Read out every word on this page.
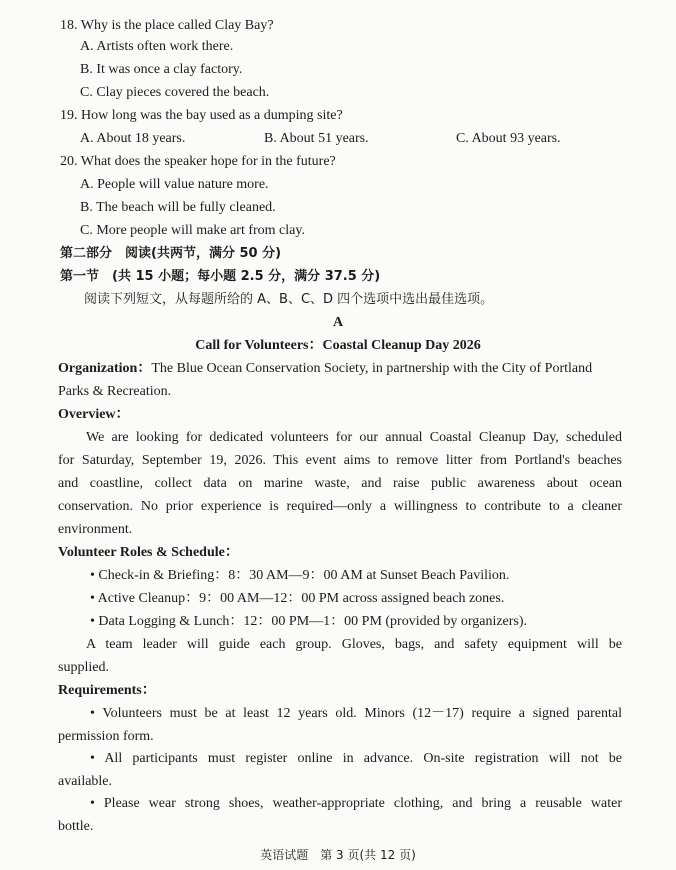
18. Why is the place called Clay Bay?
A. Artists often work there.
B. It was once a clay factory.
C. Clay pieces covered the beach.
19. How long was the bay used as a dumping site?
A. About 18 years.	B. About 51 years.	C. About 93 years.
20. What does the speaker hope for in the future?
A. People will value nature more.
B. The beach will be fully cleaned.
C. More people will make art from clay.
第二部分　阅读(共两节，满分 50 分)
第一节　(共 15 小题；每小题 2.5 分，满分 37.5 分)
阅读下列短文，从每题所给的 A、B、C、D 四个选项中选出最佳选项。
A
Call for Volunteers：Coastal Cleanup Day 2026
Organization：The Blue Ocean Conservation Society, in partnership with the City of Portland
Parks & Recreation.
Overview：
We are looking for dedicated volunteers for our annual Coastal Cleanup Day, scheduled
for Saturday, September 19, 2026. This event aims to remove litter from Portland's beaches
and coastline, collect data on marine waste, and raise public awareness about ocean
conservation. No prior experience is required—only a willingness to contribute to a cleaner
environment.
Volunteer Roles & Schedule：
• Check-in & Briefing：8：30 AM—9：00 AM at Sunset Beach Pavilion.
• Active Cleanup：9：00 AM—12：00 PM across assigned beach zones.
• Data Logging & Lunch：12：00 PM—1：00 PM (provided by organizers).
A team leader will guide each group. Gloves, bags, and safety equipment will be
supplied.
Requirements：
• Volunteers must be at least 12 years old. Minors (12－17) require a signed parental
permission form.
• All participants must register online in advance. On-site registration will not be
available.
• Please wear strong shoes, weather-appropriate clothing, and bring a reusable water
bottle.
英语试题　第 3 页(共 12 页)
